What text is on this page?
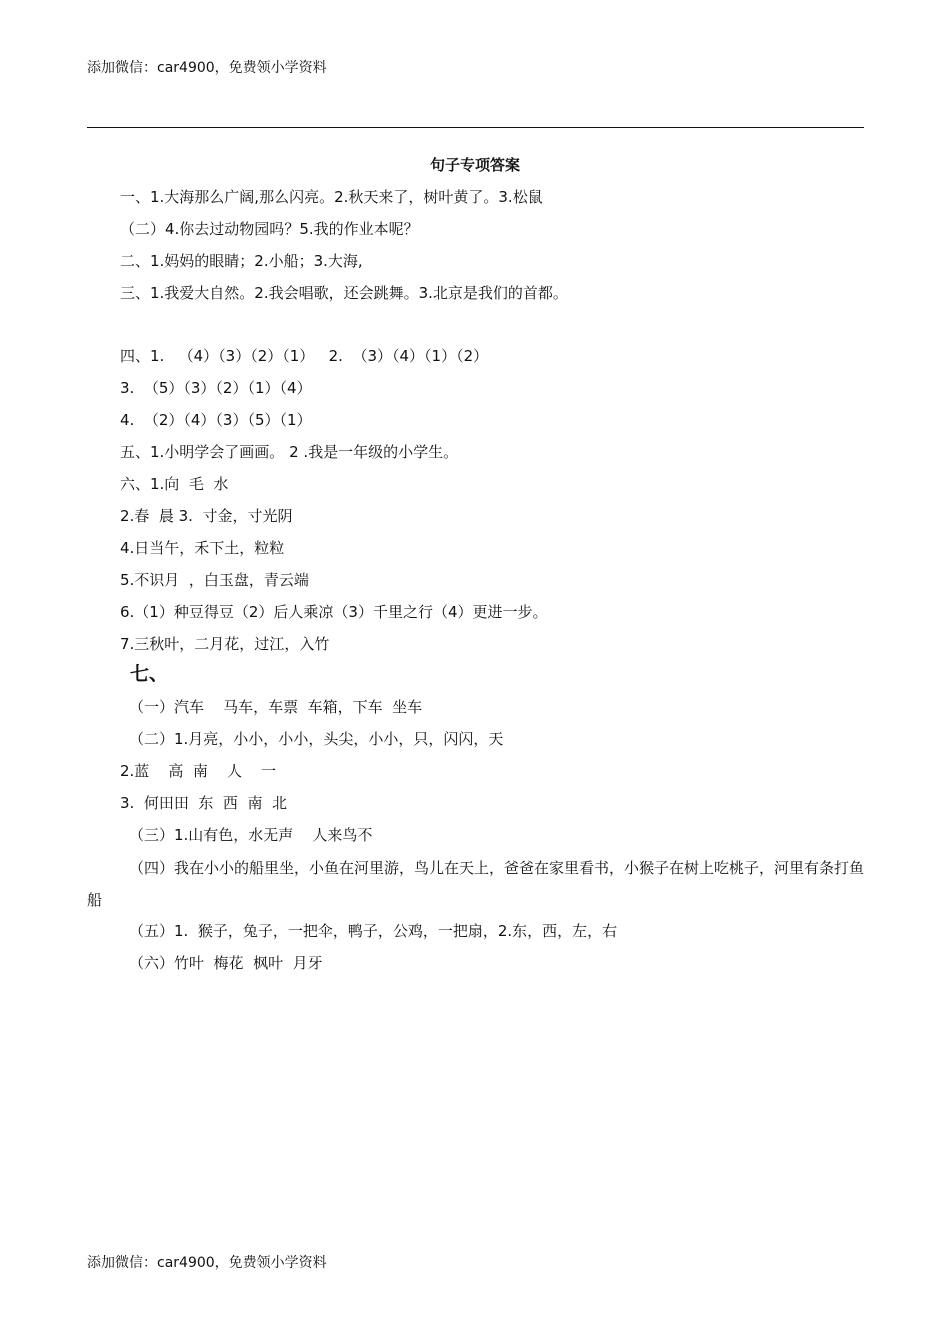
添加微信：car4900，免费领小学资料
句子专项答案
一、1.大海那么广阔,那么闪亮。2.秋天来了，树叶黄了。3.松鼠
（二）4.你去过动物园吗？5.我的作业本呢？
二、1.妈妈的眼睛；2.小船；3.大海,
三、1.我爱大自然。2.我会唱歌，还会跳舞。3.北京是我们的首都。
四、1.   （4）（3）（2）（1）   2.  （3）（4）（1）（2）
3.  （5）（3）（2）（1）（4）
4.  （2）（4）（3）（5）（1）
五、1.小明学会了画画。 2 .我是一年级的小学生。
六、1.向  毛  水
2.春  晨 3.  寸金，寸光阴
4.日当午，禾下土，粒粒
5.不识月  ，白玉盘，青云端
6.（1）种豆得豆（2）后人乘凉（3）千里之行（4）更进一步。
7.三秋叶，二月花，过江，入竹
七、
（一）汽车    马车，车票  车箱，下车  坐车
（二）1.月亮，小小，小小，头尖，小小，只，闪闪，天
2.蓝    高  南    人    一
3.  何田田  东  西  南  北
（三）1.山有色，水无声    人来鸟不
（四）我在小小的船里坐，小鱼在河里游，鸟儿在天上，爸爸在家里看书，小猴子在树上吃桃子，河里有条打鱼船
（五）1.  猴子，兔子，一把伞，鸭子，公鸡，一把扇，2.东，西，左，右
（六）竹叶  梅花  枫叶  月牙
添加微信：car4900，免费领小学资料
